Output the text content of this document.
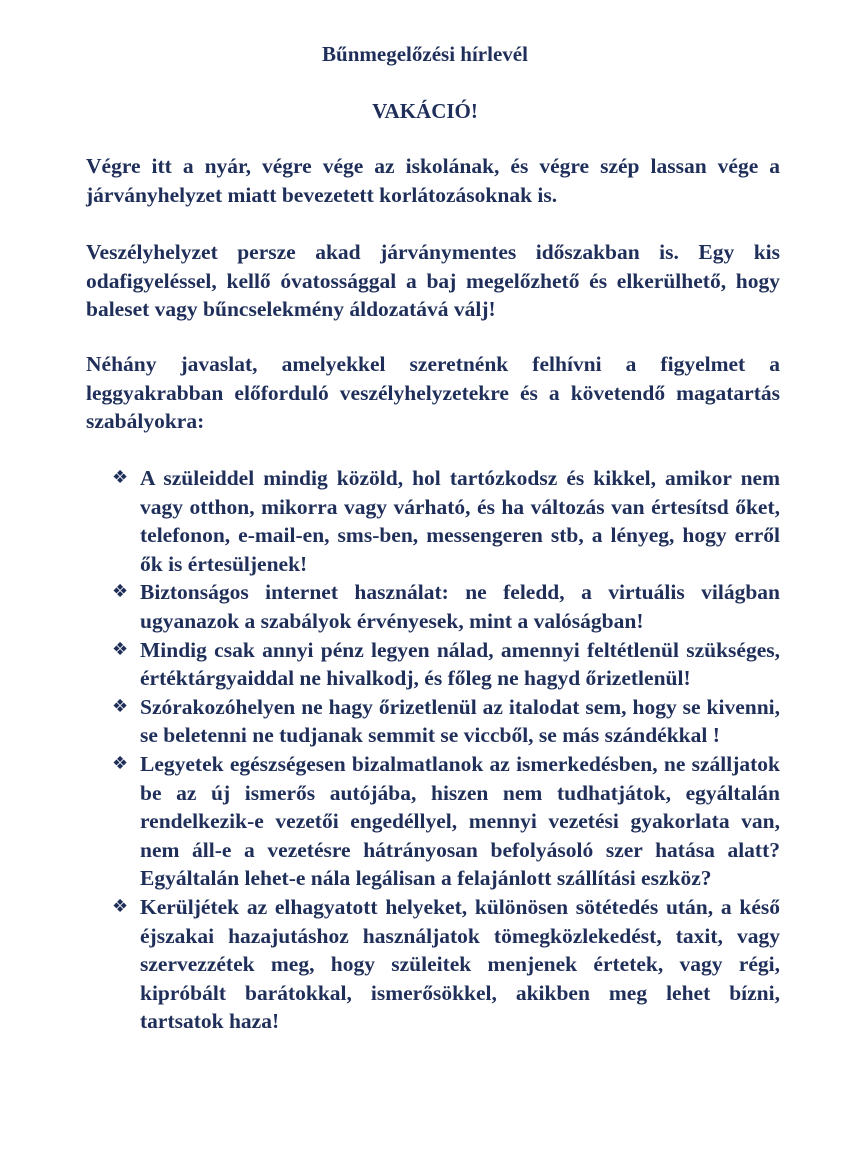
Bűnmegelőzési hírlevél
VAKÁCIÓ!

Végre itt a nyár, végre vége az iskolának, és végre szép lassan vége a járványhelyzet miatt bevezetett korlátozásoknak is.

Veszélyhelyzet persze akad járványmentes időszakban is. Egy kis odafigyeléssel, kellő óvatossággal a baj megelőzhető és elkerülhető, hogy baleset vagy bűncselekmény áldozatává válj!

Néhány javaslat, amelyekkel szeretnénk felhívni a figyelmet a leggyakrabban előforduló veszélyhelyzetekre és a követendő magatartás szabályokra:

❖ A szüleiddel mindig közöld, hol tartózkodsz és kikkel, amikor nem vagy otthon, mikorra vagy várható, és ha változás van értesítsd őket, telefonon, e-mail-en, sms-ben, messengeren stb, a lényeg, hogy erről ők is értesüljenek!
❖ Biztonságos internet használat: ne feledd, a virtuális világban ugyanazok a szabályok érvényesek, mint a valóságban!
❖ Mindig csak annyi pénz legyen nálad, amennyi feltétlenül szükséges, értéktárgyaiddal ne hivalkodj, és főleg ne hagyd őrizetlenül!
❖ Szórakozóhelyen ne hagy őrizetlenül az italodat sem, hogy se kivenni, se beletenni ne tudjanak semmit se viccből, se más szándékkal !
❖ Legyetek egészségesen bizalmatlanok az ismerkedésben, ne szálljatok be az új ismerős autójába, hiszen nem tudhatjátok, egyáltalán rendelkezik-e vezetői engedéllyel, mennyi vezetési gyakorlata van, nem áll-e a vezetésre hátrányosan befolyásoló szer hatása alatt? Egyáltalán lehet-e nála legálisan a felajánlott szállítási eszköz?
❖ Kerüljétek az elhagyatott helyeket, különösen sötétedés után, a késő éjszakai hazajutáshoz használjatok tömegközlekedést, taxit, vagy szervezzétek meg, hogy szüleitek menjenek értetek, vagy régi, kipróbált barátokkal, ismerősökkel, akikben meg lehet bízni, tartsatok haza!
